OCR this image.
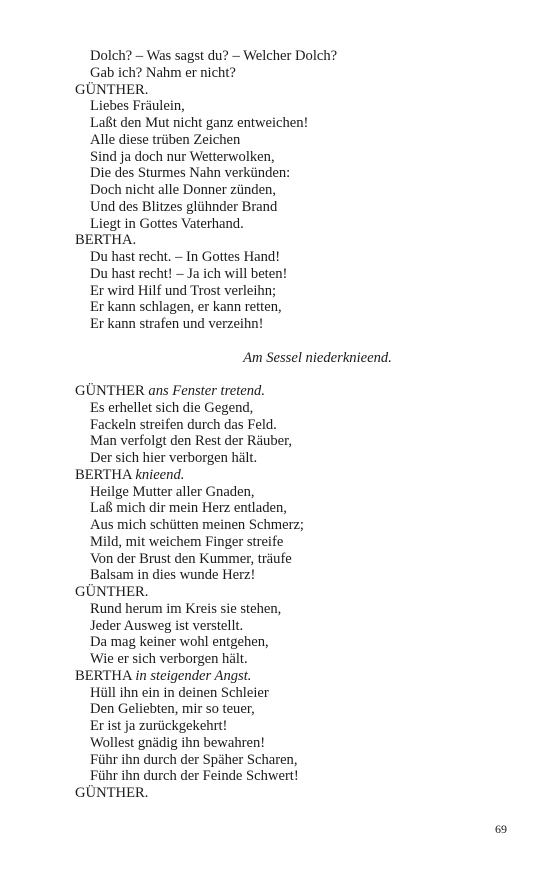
Dolch? – Was sagst du? – Welcher Dolch?
Gab ich? Nahm er nicht?
GÜNTHER.
Liebes Fräulein,
Laßt den Mut nicht ganz entweichen!
Alle diese trüben Zeichen
Sind ja doch nur Wetterwolken,
Die des Sturmes Nahn verkünden:
Doch nicht alle Donner zünden,
Und des Blitzes glühnder Brand
Liegt in Gottes Vaterhand.
BERTHA.
Du hast recht. – In Gottes Hand!
Du hast recht! – Ja ich will beten!
Er wird Hilf und Trost verleihn;
Er kann schlagen, er kann retten,
Er kann strafen und verzeihn!
Am Sessel niederknieend.
GÜNTHER ans Fenster tretend.
Es erhellet sich die Gegend,
Fackeln streifen durch das Feld.
Man verfolgt den Rest der Räuber,
Der sich hier verborgen hält.
BERTHA knieend.
Heilge Mutter aller Gnaden,
Laß mich dir mein Herz entladen,
Aus mich schütten meinen Schmerz;
Mild, mit weichem Finger streife
Von der Brust den Kummer, träufe
Balsam in dies wunde Herz!
GÜNTHER.
Rund herum im Kreis sie stehen,
Jeder Ausweg ist verstellt.
Da mag keiner wohl entgehen,
Wie er sich verborgen hält.
BERTHA in steigender Angst.
Hüll ihn ein in deinen Schleier
Den Geliebten, mir so teuer,
Er ist ja zurückgekehrt!
Wollest gnädig ihn bewahren!
Führ ihn durch der Späher Scharen,
Führ ihn durch der Feinde Schwert!
GÜNTHER.
69
